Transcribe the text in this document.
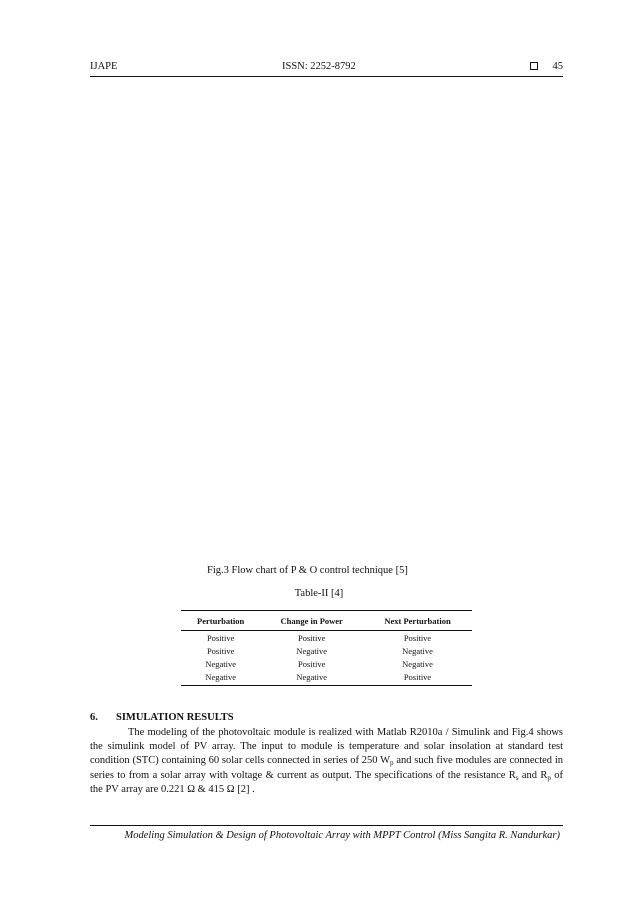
IJAPE	ISSN: 2252-8792	45
Fig.3 Flow chart of P & O control technique [5]
Table-II [4]
Perturbation	Change in Power	Next Perturbation
Positive	Positive	Positive
Positive	Negative	Negative
Negative	Positive	Negative
Negative	Negative	Positive
6. SIMULATION RESULTS

The modeling of the photovoltaic module is realized with Matlab R2010a / Simulink and Fig.4 shows the simulink model of PV array. The input to module is temperature and solar insolation at standard test condition (STC) containing 60 solar cells connected in series of 250 $W_p$ and such five modules are connected in series to from a solar array with voltage & current as output. The specifications of the resistance $R_s$ and $R_p$ of the PV array are 0.221 Ω & 415 Ω [2] .

Modeling Simulation & Design of Photovoltaic Array with MPPT Control (Miss Sangita R. Nandurkar)
